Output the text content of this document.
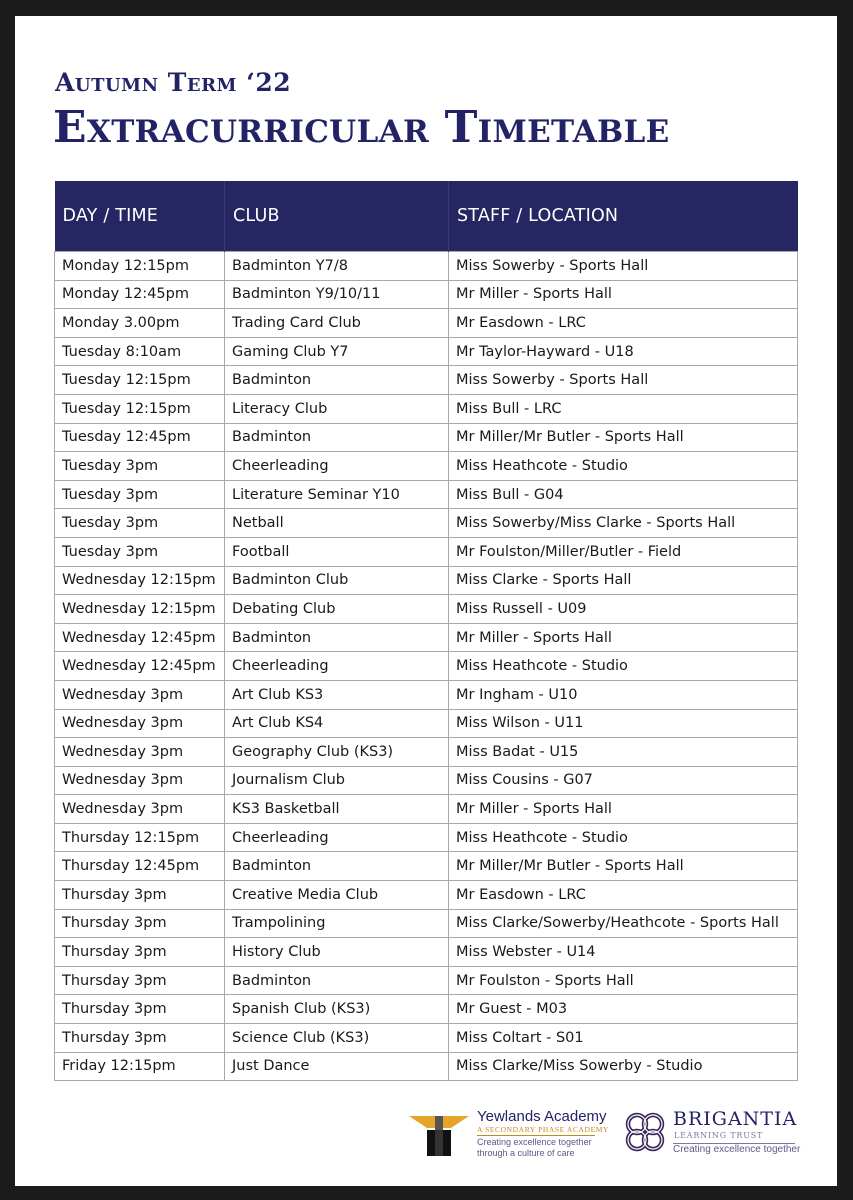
Autumn Term ‘22
Extracurricular Timetable
DAY / TIME	CLUB	STAFF / LOCATION
Monday 12:15pm	Badminton Y7/8	Miss Sowerby - Sports Hall
Monday 12:45pm	Badminton Y9/10/11	Mr Miller - Sports Hall
Monday 3.00pm	Trading Card Club	Mr Easdown - LRC
Tuesday 8:10am	Gaming Club Y7	Mr Taylor-Hayward - U18
Tuesday 12:15pm	Badminton	Miss Sowerby - Sports Hall
Tuesday 12:15pm	Literacy Club	Miss Bull - LRC
Tuesday 12:45pm	Badminton	Mr Miller/Mr Butler - Sports Hall
Tuesday 3pm	Cheerleading	Miss Heathcote - Studio
Tuesday 3pm	Literature Seminar Y10	Miss Bull - G04
Tuesday 3pm	Netball	Miss Sowerby/Miss Clarke - Sports Hall
Tuesday 3pm	Football	Mr Foulston/Miller/Butler - Field
Wednesday 12:15pm	Badminton Club	Miss Clarke - Sports Hall
Wednesday 12:15pm	Debating Club	Miss Russell - U09
Wednesday 12:45pm	Badminton	Mr Miller - Sports Hall
Wednesday 12:45pm	Cheerleading	Miss Heathcote - Studio
Wednesday 3pm	Art Club KS3	Mr Ingham - U10
Wednesday 3pm	Art Club KS4	Miss Wilson - U11
Wednesday 3pm	Geography Club (KS3)	Miss Badat - U15
Wednesday 3pm	Journalism Club	Miss Cousins - G07
Wednesday 3pm	KS3 Basketball	Mr Miller - Sports Hall
Thursday 12:15pm	Cheerleading	Miss Heathcote - Studio
Thursday 12:45pm	Badminton	Mr Miller/Mr Butler - Sports Hall
Thursday 3pm	Creative Media Club	Mr Easdown - LRC
Thursday 3pm	Trampolining	Miss Clarke/Sowerby/Heathcote - Sports Hall
Thursday 3pm	History Club	Miss Webster - U14
Thursday 3pm	Badminton	Mr Foulston - Sports Hall
Thursday 3pm	Spanish Club (KS3)	Mr Guest - M03
Thursday 3pm	Science Club (KS3)	Miss Coltart - S01
Friday 12:15pm	Just Dance	Miss Clarke/Miss Sowerby - Studio
Yewlands Academy
A SECONDARY PHASE ACADEMY
Creating excellence together through a culture of care
BRIGANTIA
LEARNING TRUST
Creating excellence together
